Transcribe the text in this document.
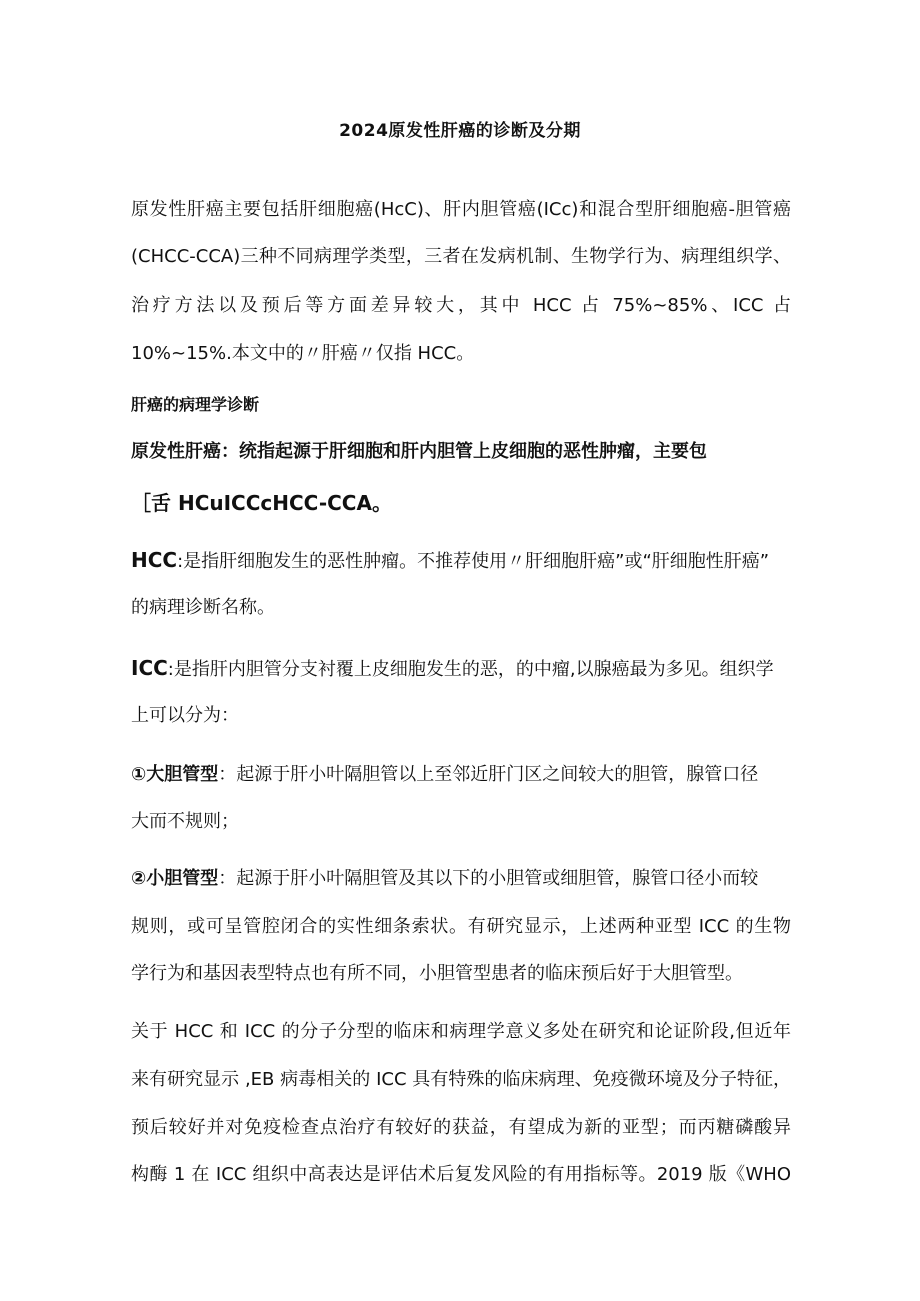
2024原发性肝癌的诊断及分期
原发性肝癌主要包括肝细胞癌(HcC)、肝内胆管癌(ICc)和混合型肝细胞癌-胆管癌
(CHCC-CCA)三种不同病理学类型，三者在发病机制、生物学行为、病理组织学、
治疗方法以及预后等方面差异较大，其中 HCC 占 75%~85%、ICC 占
10%~15%.本文中的〃肝癌〃仅指 HCC。
肝癌的病理学诊断
原发性肝癌：统指起源于肝细胞和肝内胆管上皮细胞的恶性肿瘤，主要包
［舌 HCuICCcHCC-CCA。
HCC:是指肝细胞发生的恶性肿瘤。不推荐使用〃肝细胞肝癌”或“肝细胞性肝癌”
的病理诊断名称。
ICC:是指肝内胆管分支衬覆上皮细胞发生的恶，的中瘤,以腺癌最为多见。组织学
上可以分为：
①大胆管型：起源于肝小叶隔胆管以上至邻近肝门区之间较大的胆管，腺管口径
大而不规则；
②小胆管型：起源于肝小叶隔胆管及其以下的小胆管或细胆管，腺管口径小而较
规则，或可呈管腔闭合的实性细条索状。有研究显示，上述两种亚型 ICC 的生物
学行为和基因表型特点也有所不同，小胆管型患者的临床预后好于大胆管型。
关于 HCC 和 ICC 的分子分型的临床和病理学意义多处在研究和论证阶段,但近年
来有研究显示 ,EB 病毒相关的 ICC 具有特殊的临床病理、免疫微环境及分子特征，
预后较好并对免疫检查点治疗有较好的获益，有望成为新的亚型；而丙糖磷酸异
构酶 1 在 ICC 组织中高表达是评估术后复发风险的有用指标等。2019 版《WHO
